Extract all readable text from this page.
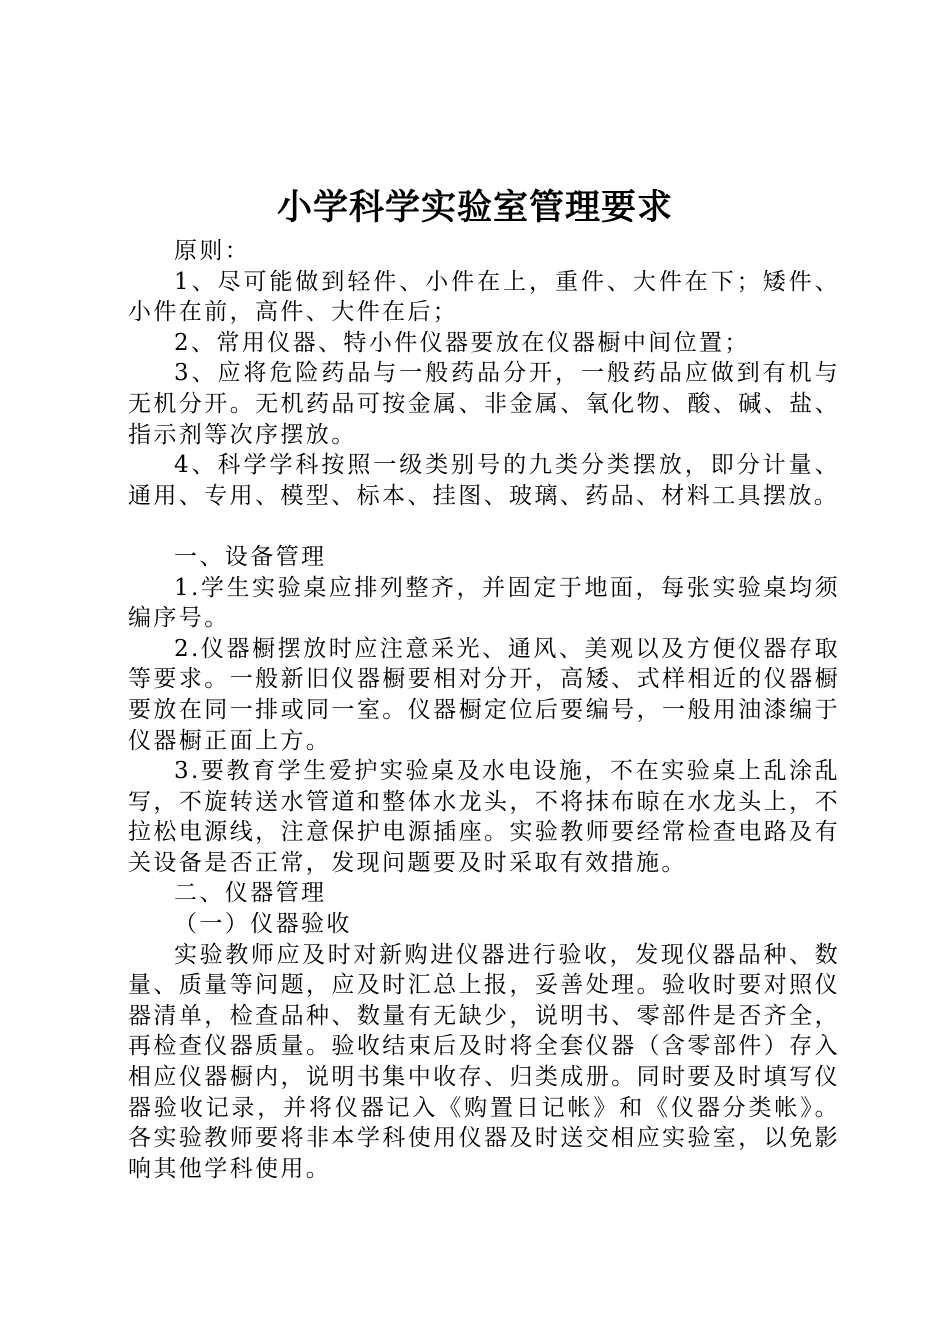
小学科学实验室管理要求

原则：

1、尽可能做到轻件、小件在上，重件、大件在下；矮件、小件在前，高件、大件在后；

2、常用仪器、特小件仪器要放在仪器橱中间位置；

3、应将危险药品与一般药品分开，一般药品应做到有机与无机分开。无机药品可按金属、非金属、氧化物、酸、碱、盐、指示剂等次序摆放。

4、科学学科按照一级类别号的九类分类摆放，即分计量、通用、专用、模型、标本、挂图、玻璃、药品、材料工具摆放。

一、设备管理

1.学生实验桌应排列整齐，并固定于地面，每张实验桌均须编序号。

2.仪器橱摆放时应注意采光、通风、美观以及方便仪器存取等要求。一般新旧仪器橱要相对分开，高矮、式样相近的仪器橱要放在同一排或同一室。仪器橱定位后要编号，一般用油漆编于仪器橱正面上方。

3.要教育学生爱护实验桌及水电设施，不在实验桌上乱涂乱写，不旋转送水管道和整体水龙头，不将抹布晾在水龙头上，不拉松电源线，注意保护电源插座。实验教师要经常检查电路及有关设备是否正常，发现问题要及时采取有效措施。

二、仪器管理

（一）仪器验收

实验教师应及时对新购进仪器进行验收，发现仪器品种、数量、质量等问题，应及时汇总上报，妥善处理。验收时要对照仪器清单，检查品种、数量有无缺少，说明书、零部件是否齐全，再检查仪器质量。验收结束后及时将全套仪器（含零部件）存入相应仪器橱内，说明书集中收存、归类成册。同时要及时填写仪器验收记录，并将仪器记入《购置日记帐》和《仪器分类帐》。各实验教师要将非本学科使用仪器及时送交相应实验室，以免影响其他学科使用。
